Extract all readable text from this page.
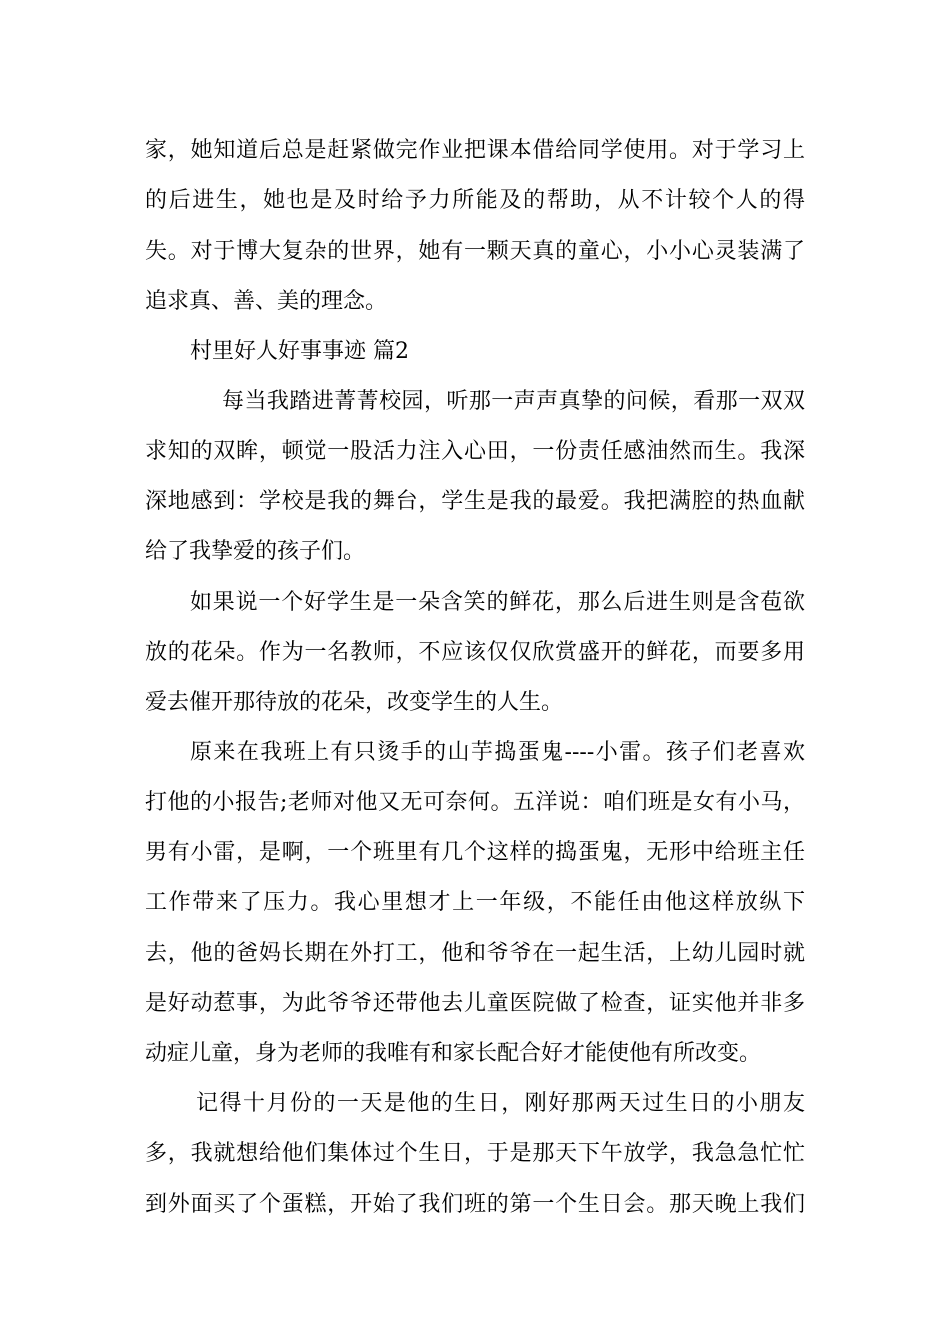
家，她知道后总是赶紧做完作业把课本借给同学使用。对于学习上
的后进生，她也是及时给予力所能及的帮助，从不计较个人的得
失。对于博大复杂的世界，她有一颗天真的童心，小小心灵装满了
追求真、善、美的理念。
村里好人好事事迹 篇2
每当我踏进菁菁校园，听那一声声真挚的问候，看那一双双
求知的双眸，顿觉一股活力注入心田，一份责任感油然而生。我深
深地感到：学校是我的舞台，学生是我的最爱。我把满腔的热血献
给了我挚爱的孩子们。
如果说一个好学生是一朵含笑的鲜花，那么后进生则是含苞欲
放的花朵。作为一名教师，不应该仅仅欣赏盛开的鲜花，而要多用
爱去催开那待放的花朵，改变学生的人生。
原来在我班上有只烫手的山芋捣蛋鬼----小雷。孩子们老喜欢
打他的小报告;老师对他又无可奈何。五洋说：咱们班是女有小马，
男有小雷，是啊，一个班里有几个这样的捣蛋鬼，无形中给班主任
工作带来了压力。我心里想才上一年级，不能任由他这样放纵下
去，他的爸妈长期在外打工，他和爷爷在一起生活，上幼儿园时就
是好动惹事，为此爷爷还带他去儿童医院做了检查，证实他并非多
动症儿童，身为老师的我唯有和家长配合好才能使他有所改变。
记得十月份的一天是他的生日，刚好那两天过生日的小朋友
多，我就想给他们集体过个生日，于是那天下午放学，我急急忙忙
到外面买了个蛋糕，开始了我们班的第一个生日会。那天晚上我们
